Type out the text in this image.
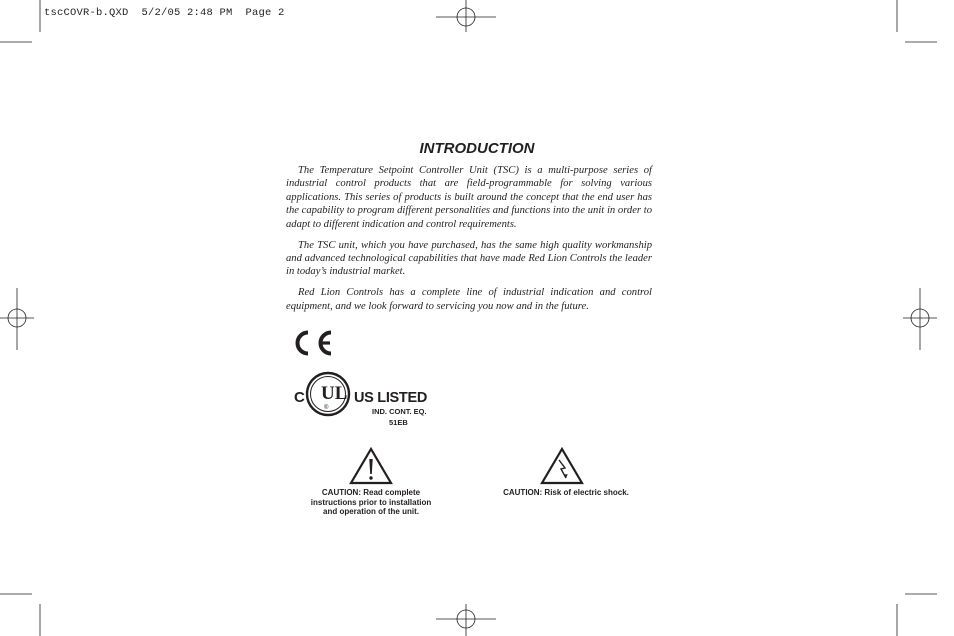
tscCOVR-b.QXD  5/2/05 2:48 PM  Page 2
INTRODUCTION

The Temperature Setpoint Controller Unit (TSC) is a multi-purpose series of industrial control products that are field-programmable for solving various applications. This series of products is built around the concept that the end user has the capability to program different personalities and functions into the unit in order to adapt to different indication and control requirements.

The TSC unit, which you have purchased, has the same high quality workmanship and advanced technological capabilities that have made Red Lion Controls the leader in today’s industrial market.

Red Lion Controls has a complete line of industrial indication and control equipment, and we look forward to servicing you now and in the future.

UL
®
C	US LISTED
IND. CONT. EQ.
51EB
CAUTION: Read complete
instructions prior to installation
and operation of the unit.
CAUTION: Risk of electric shock.
